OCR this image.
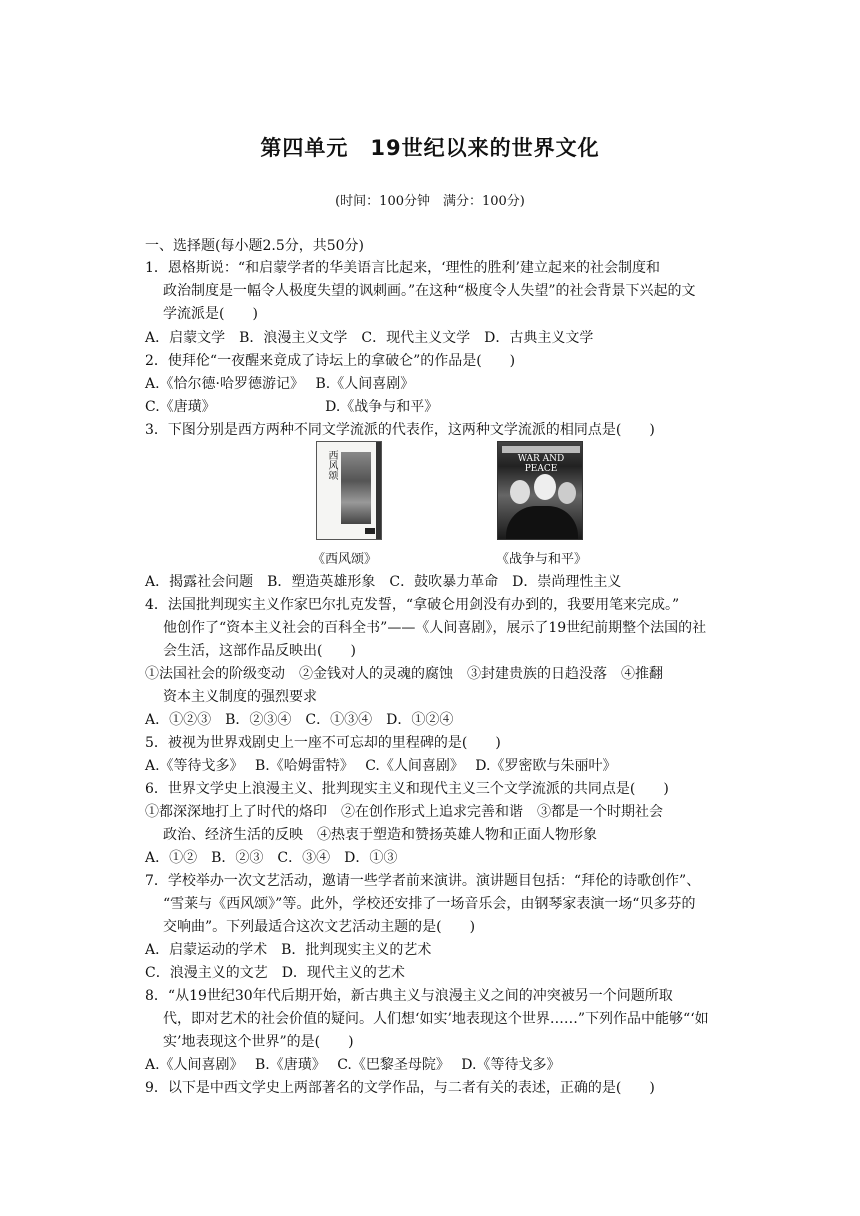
第四单元　19世纪以来的世界文化
(时间：100分钟　满分：100分)
一、选择题(每小题2.5分，共50分)
1．恩格斯说：“和启蒙学者的华美语言比起来，‘理性的胜利’建立起来的社会制度和
政治制度是一幅令人极度失望的讽刺画。”在这种“极度令人失望”的社会背景下兴起的文
学流派是(　　)
A．启蒙文学　B．浪漫主义文学　C．现代主义文学　D．古典主义文学
2．使拜伦“一夜醒来竟成了诗坛上的拿破仑”的作品是(　　)
A.《恰尔德·哈罗德游记》　 B.《人间喜剧》
C.《唐璜》　　　　　　　　 D.《战争与和平》
3．下图分别是西方两种不同文学流派的代表作，这两种文学流派的相同点是(　　)
西风颂	WAR AND PEACE
《西风颂》	《战争与和平》
A．揭露社会问题　B．塑造英雄形象　C．鼓吹暴力革命　D．崇尚理性主义
4．法国批判现实主义作家巴尔扎克发誓，“拿破仑用剑没有办到的，我要用笔来完成。”
他创作了“资本主义社会的百科全书”——《人间喜剧》，展示了19世纪前期整个法国的社
会生活，这部作品反映出(　　)
①法国社会的阶级变动　②金钱对人的灵魂的腐蚀　③封建贵族的日趋没落　④推翻
资本主义制度的强烈要求
A．①②③　B．②③④　C．①③④　D．①②④
5．被视为世界戏剧史上一座不可忘却的里程碑的是(　　)
A.《等待戈多》　 B.《哈姆雷特》　 C.《人间喜剧》　 D.《罗密欧与朱丽叶》
6．世界文学史上浪漫主义、批判现实主义和现代主义三个文学流派的共同点是(　　)
①都深深地打上了时代的烙印　②在创作形式上追求完善和谐　③都是一个时期社会
政治、经济生活的反映　④热衷于塑造和赞扬英雄人物和正面人物形象
A．①②　B．②③　C．③④　D．①③
7．学校举办一次文艺活动，邀请一些学者前来演讲。演讲题目包括：“拜伦的诗歌创作”、
“雪莱与《西风颂》”等。此外，学校还安排了一场音乐会，由钢琴家表演一场“贝多芬的
交响曲”。下列最适合这次文艺活动主题的是(　　)
A．启蒙运动的学术　B．批判现实主义的艺术
C．浪漫主义的文艺　D．现代主义的艺术
8．“从19世纪30年代后期开始，新古典主义与浪漫主义之间的冲突被另一个问题所取
代，即对艺术的社会价值的疑问。人们想‘如实’地表现这个世界……”下列作品中能够“‘如
实’地表现这个世界”的是(　　)
A.《人间喜剧》　 B.《唐璜》　 C.《巴黎圣母院》　 D.《等待戈多》
9．以下是中西文学史上两部著名的文学作品，与二者有关的表述，正确的是(　　)
